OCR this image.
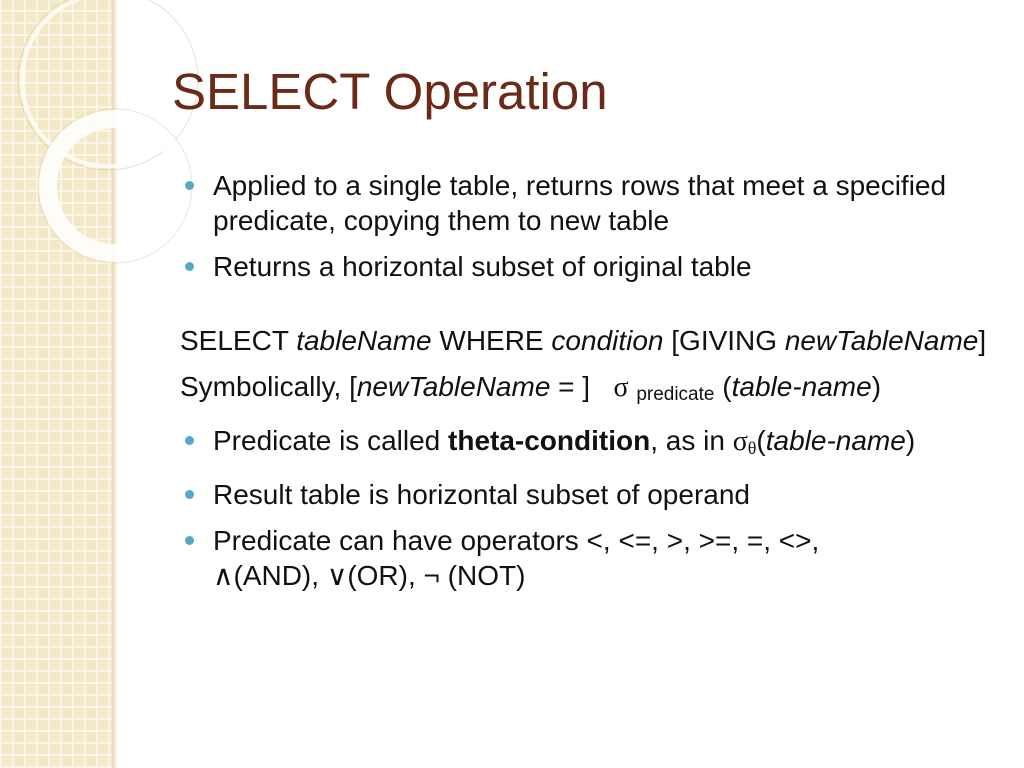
SELECT Operation

Applied to a single table, returns rows that meet a specified predicate, copying them to new table

Returns a horizontal subset of original table

SELECT tableName WHERE condition [GIVING newTableName]

Symbolically, [newTableName = ] σ $_{predicate}$ (table-name)

Predicate is called theta-condition, as in σθ(table-name)

Result table is horizontal subset of operand

Predicate can have operators <, <=, >, >=, =, <>,
∧(AND), ∨(OR), ¬ (NOT)
